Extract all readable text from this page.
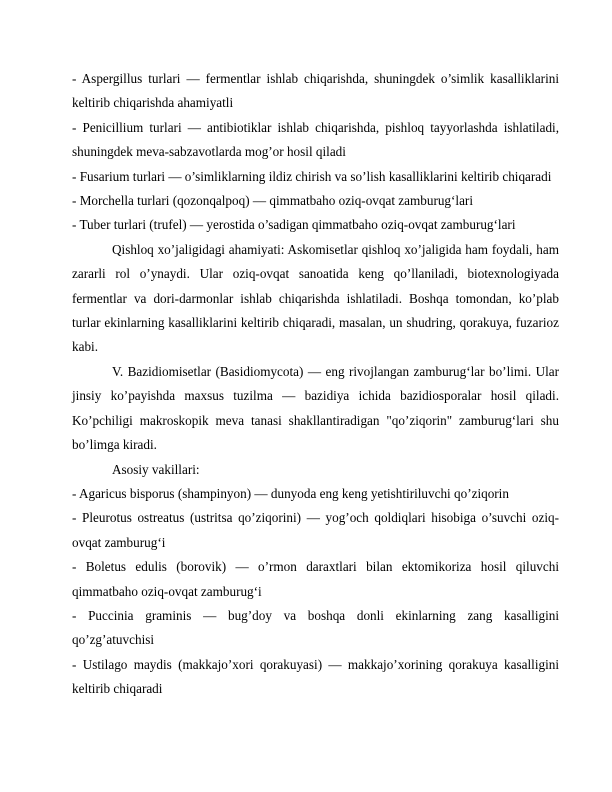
- Aspergillus turlari — fermentlar ishlab chiqarishda, shuningdek o’simlik kasalliklarini keltirib chiqarishda ahamiyatli

- Penicillium turlari — antibiotiklar ishlab chiqarishda, pishloq tayyorlashda ishlatiladi, shuningdek meva-sabzavotlarda mog’or hosil qiladi

- Fusarium turlari — o’simliklarning ildiz chirish va so’lish kasalliklarini keltirib chiqaradi

- Morchella turlari (qozonqalpoq) — qimmatbaho oziq-ovqat zamburug‘lari

- Tuber turlari (trufel) — yerostida o’sadigan qimmatbaho oziq-ovqat zamburug‘lari

Qishloq xo’jaligidagi ahamiyati: Askomisetlar qishloq xo’jaligida ham foydali, ham zararli rol o’ynaydi. Ular oziq-ovqat sanoatida keng qo’llaniladi, biotexnologiyada fermentlar va dori-darmonlar ishlab chiqarishda ishlatiladi. Boshqa tomondan, ko’plab turlar ekinlarning kasalliklarini keltirib chiqaradi, masalan, un shudring, qorakuya, fuzarioz kabi.

V. Bazidiomisetlar (Basidiomycota) — eng rivojlangan zamburug‘lar bo’limi. Ular jinsiy ko’payishda maxsus tuzilma — bazidiya ichida bazidiosporalar hosil qiladi. Ko’pchiligi makroskopik meva tanasi shakllantiradigan "qo’ziqorin" zamburug‘lari shu bo’limga kiradi.

Asosiy vakillari:

- Agaricus bisporus (shampinyon) — dunyoda eng keng yetishtiriluvchi qo’ziqorin

- Pleurotus ostreatus (ustritsa qo’ziqorini) — yog’och qoldiqlari hisobiga o’suvchi oziq-ovqat zamburug‘i

- Boletus edulis (borovik) — o’rmon daraxtlari bilan ektomikoriza hosil qiluvchi qimmatbaho oziq-ovqat zamburug‘i

- Puccinia graminis — bug’doy va boshqa donli ekinlarning zang kasalligini qo’zg’atuvchisi

- Ustilago maydis (makkajo’xori qorakuyasi) — makkajo’xorining qorakuya kasalligini keltirib chiqaradi
